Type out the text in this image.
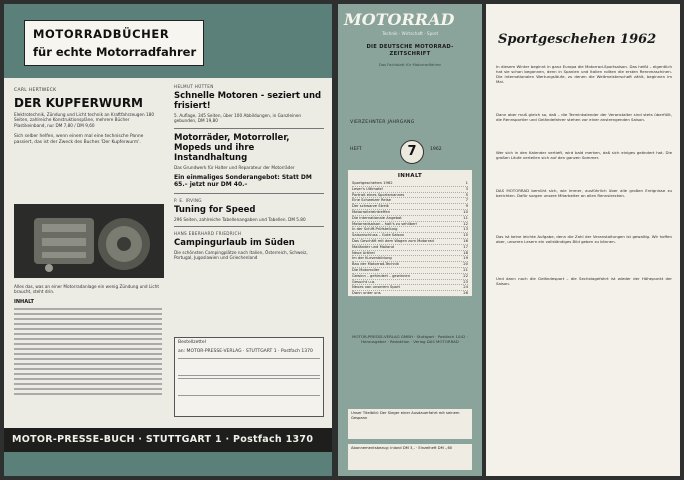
MOTORRADBÜCHER
für echte Motorradfahrer
CARL HERTWECK
DER KUPFERWURM
Elektrotechnik, Zündung und Licht technik an Kraftfahrzeugen 180 Seiten, zahlreiche Konstruktionspläne, mehrere Bücher Plastikeinband, nur DM 7,80 / DM 9,60
Sich selber helfen, wenn einem mal eine technische Panne passiert, das ist der Zweck des Buches 'Der Kupferwurm'.
Alles das, was an einer Motorradanlage ein wenig Zündung und Licht braucht, steht drin.
INHALT
HELMUT HÜTTEN
Schnelle Motoren - seziert und frisiert!
5. Auflage, 345 Seiten, über 100 Abbildungen, in Ganzleinen gebunden, DM 19,80
Motorräder, Motorroller, Mopeds und ihre Instandhaltung
Das Grundwerk für Halter und Reparateur der Motorräder
Ein einmaliges Sonderangebot: Statt DM 65.– jetzt nur DM 40.–
P. E. IRVING
Tuning for Speed
296 Seiten, zahlreiche Tabellenangaben und Tabellen. DM 5.80
HANS EBERHARD FRIEDRICH
Campingurlaub im Süden
Die schönsten Campingplätze nach Italien, Österreich, Schweiz, Portugal, Jugoslawien und Griechenland
Bestellzettel
an: MOTOR-PRESSE-VERLAG · STUTTGART 1 · Postfach 1370
MOTOR-PRESSE-BUCH · STUTTGART 1 · Postfach 1370
MOTORRAD
Technik · Wirtschaft · Sport
DIE DEUTSCHE MOTORRAD-ZEITSCHRIFT
Das Fachblatt für Motorradfahrer
VIERZEHNTER JAHRGANG
HEFT	7	1962
INHALT
Sportgeschehen 1962	1
Leser's Ultimate!	3
Portrait eines Sportsmannes	5
Eine Schweizer Reise	7
Der schwarze Streik	9
Motorrollereintreffen	10
Die internationale Angebot	11
Motorradsaison – holt's zu sehliber!	12
In der Schiff-Prüfstellung	13
Saisonschluss – Gute Saison	15
Das Geschäft mit dem Wagen zum Motorrad	16
Mailänder und Mailand	17
Neue Artikel	18
Im der Kurvenbildung	19
Bau der Motorrad-Technik	20
Die Motorroller	21
Gewinn – gehindert – gewinnen	22
Gesucht u.a.	23
Neues von unserem Sport	24
Dann unter uns	26
MOTOR-PRESSE-VERLAG GMBH · Stuttgart · Postfach 1042 · Herausgeber · Redaktion · Verlag DAS MOTORRAD
Unser Titelbild: Der Sieger einer Ausdauerfahrt mit seinem Gespann
Abonnementsbezug: Inland DM 3,- · Einzelheft DM -,60
Sportgeschehen 1962
In diesem Winter beginnt in ganz Europa die Motorrad-Sportsaison. Das heißt – eigentlich hat sie schon begonnen, denn in Spanien und Italien rollten die ersten Rennmaschinen. Die internationalen Wertungsläufe, zu denen die Weltmeisterschaft zählt, beginnen im Mai.
Dann aber muß gleich so, daß – die Terminkalender der Veranstalter sind stets überfüllt, die Rennsportler und Geländefahrer stehen vor einer anstrengenden Saison.
Wer sich in den Kalender vertieft, wird bald merken, daß sich einiges geändert hat. Die großen Läufe verteilen sich auf den ganzen Sommer.
DAS MOTORRAD bemüht sich, wie immer, ausführlich über alle großen Ereignisse zu berichten. Dafür sorgen unsere Mitarbeiter an allen Rennstrecken.
Das ist keine leichte Aufgabe, denn die Zahl der Veranstaltungen ist gewaltig. Wir hoffen aber, unseren Lesern ein vollständiges Bild geben zu können.
Und dann noch die Geländesport – die Sechstagefahrt ist wieder der Höhepunkt der Saison.
